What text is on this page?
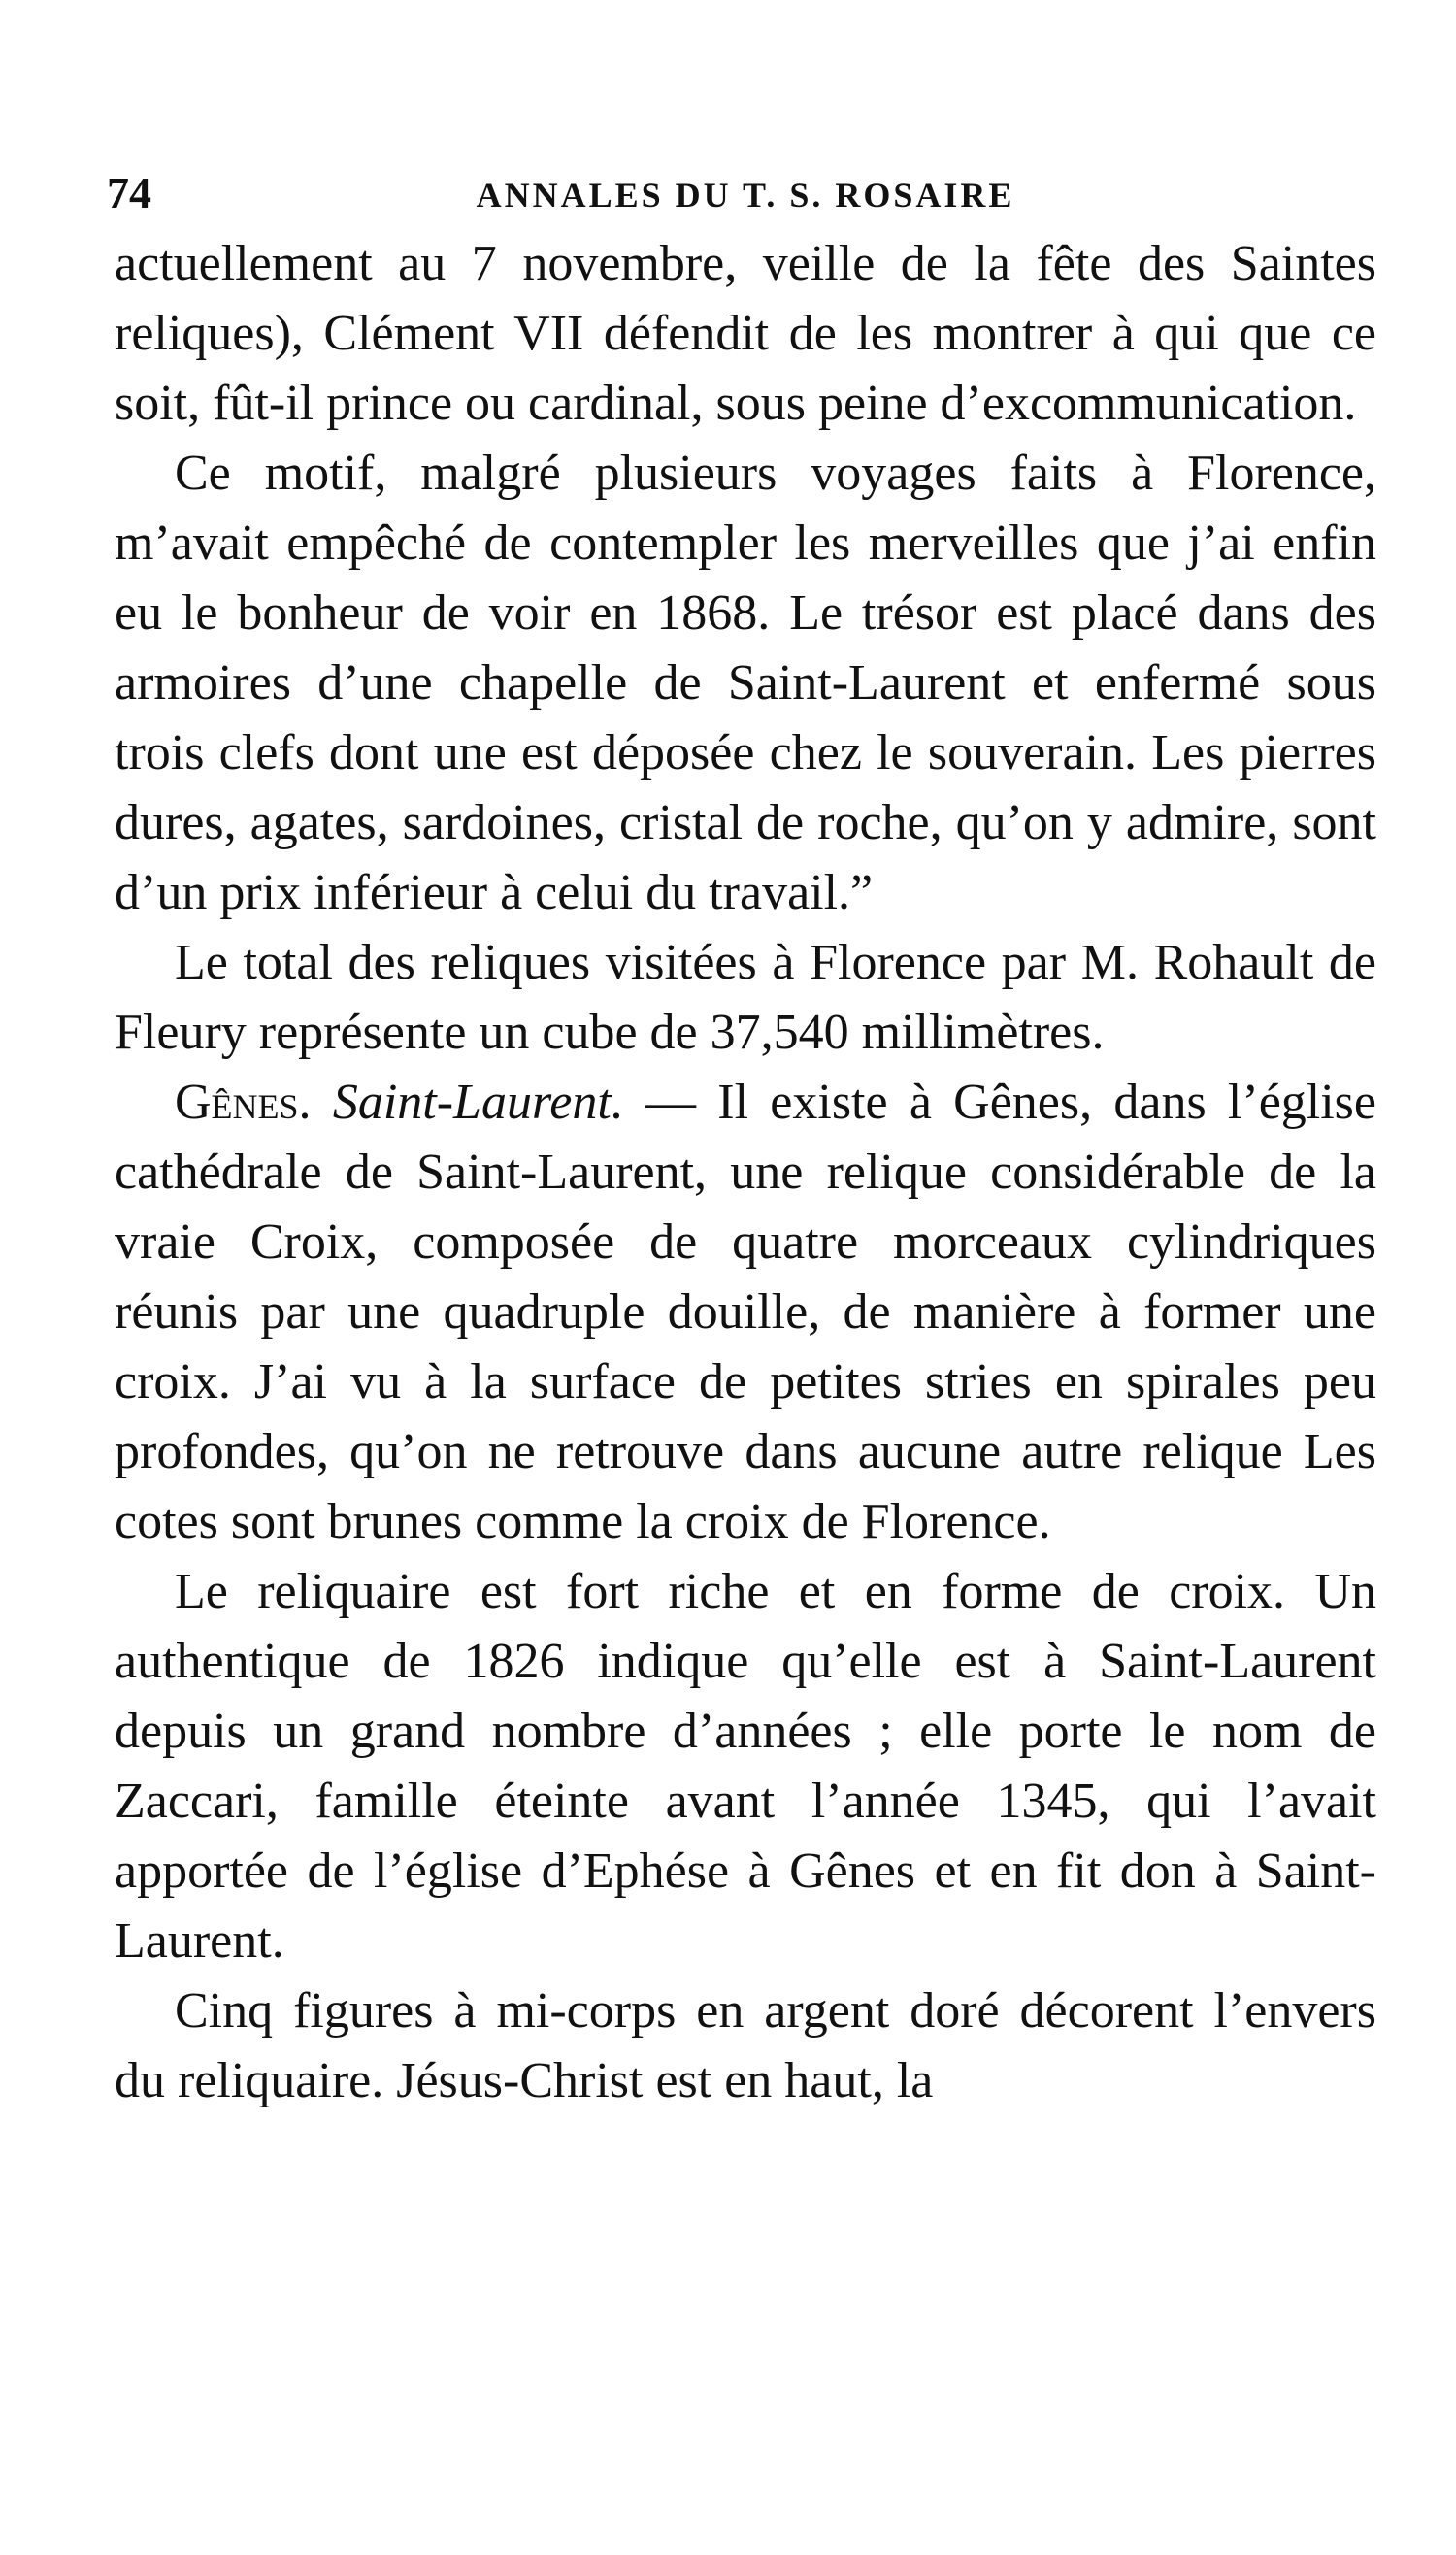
74	ANNALES DU T. S. ROSAIRE

actuellement au 7 novembre, veille de la fête des Saintes reliques), Clément VII défendit de les montrer à qui que ce soit, fût-il prince ou cardinal, sous peine d’excommunication.

Ce motif, malgré plusieurs voyages faits à Florence, m’avait empêché de contempler les merveilles que j’ai enfin eu le bonheur de voir en 1868. Le trésor est placé dans des armoires d’une chapelle de Saint-Laurent et enfermé sous trois clefs dont une est déposée chez le souverain. Les pierres dures, agates, sardoines, cristal de roche, qu’on y admire, sont d’un prix inférieur à celui du travail.”

Le total des reliques visitées à Florence par M. Rohault de Fleury représente un cube de 37,540 millimètres.

Gênes. Saint-Laurent. — Il existe à Gênes, dans l’église cathédrale de Saint-Laurent, une relique considérable de la vraie Croix, composée de quatre morceaux cylindriques réunis par une quadruple douille, de manière à former une croix. J’ai vu à la surface de petites stries en spirales peu profondes, qu’on ne retrouve dans aucune autre relique Les cotes sont brunes comme la croix de Florence.

Le reliquaire est fort riche et en forme de croix. Un authentique de 1826 indique qu’elle est à Saint-Laurent depuis un grand nombre d’années ; elle porte le nom de Zaccari, famille éteinte avant l’année 1345, qui l’avait apportée de l’église d’Ephése à Gênes et en fit don à Saint-Laurent.

Cinq figures à mi-corps en argent doré décorent l’envers du reliquaire. Jésus-Christ est en haut, la
